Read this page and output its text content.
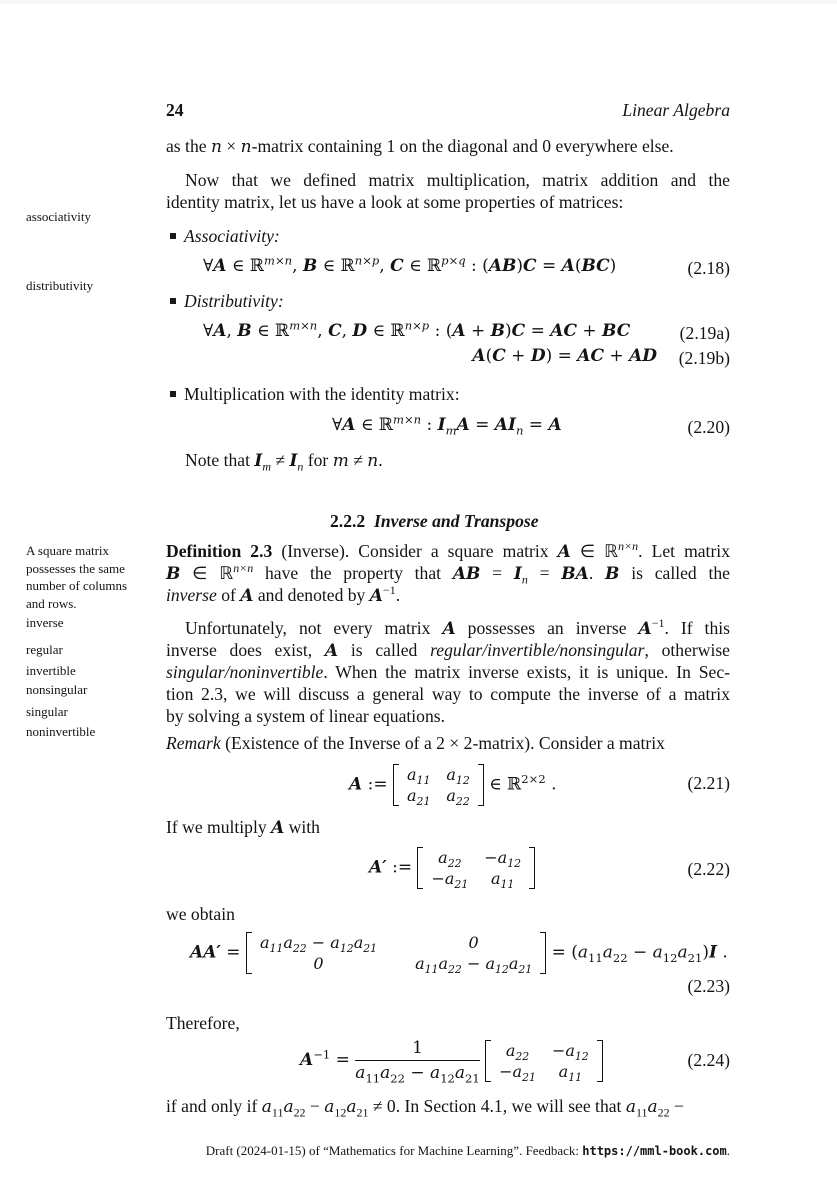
24	Linear Algebra
as the n × n-matrix containing 1 on the diagonal and 0 everywhere else.
Now that we defined matrix multiplication, matrix addition and the
identity matrix, let us have a look at some properties of matrices:
associativity
distributivity
Associativity:
∀A ∈ ℝ$^{m\times n}$, B ∈ ℝ$^{n\times p}$, C ∈ ℝ$^{p\times q}$ : (AB)C = A(BC)	(2.18)
Distributivity:
∀A, B ∈ ℝ$^{m\times n}$, C, D ∈ ℝ$^{n\times p}$ : (A + B)C = AC + BC	(2.19a)
A(C + D) = AC + AD (2.19b)
Multiplication with the identity matrix:
∀A ∈ ℝ$^{m\times n}$ : $I_mA = AI_n = A$	(2.20)
Note that $I_m \ne I_n$ for m ≠ n.
2.2.2 Inverse and Transpose
A square matrix
possesses the same
number of columns
and rows.
inverse
regular
invertible
nonsingular
singular
noninvertible
Definition 2.3 (Inverse). Consider a square matrix A ∈ ℝ$^{n\times n}$. Let matrix
B ∈ ℝ$^{n\times n}$ have the property that AB = $I_n$ = BA. B is called the
inverse of A and denoted by $A^{-1}$.
Unfortunately, not every matrix A possesses an inverse $A^{-1}$. If this
inverse does exist, A is called regular/invertible/nonsingular, otherwise
singular/noninvertible. When the matrix inverse exists, it is unique. In Sec-
tion 2.3, we will discuss a general way to compute the inverse of a matrix
by solving a system of linear equations.
Remark (Existence of the Inverse of a 2 × 2-matrix). Consider a matrix
A := $a_{11}$	$a_{12}$
$a_{21}$	$a_{22}$
∈ ℝ$^{2\times 2}$ .	(2.21)
If we multiply A with
A′ := $a_{22}$	$-a_{12}$
$-a_{21}$	$a_{11}$
(2.22)
we obtain
$AA' = a_{11}a_{22} - a_{12}a_{21}$	0
0	$a_{11}a_{22} - a_{12}a_{21}$
= $(a_{11}a_{22} - a_{12}a_{21})I$ .
(2.23)
Therefore,
$A^{-1} = \frac{1}{a_{11}a_{22} - a_{12}a_{21}}$
$a_{22}$	$-a_{12}$
$-a_{21}$	$a_{11}$
(2.24)
if and only if $a_{11}a_{22} - a_{12}a_{21} \ne 0$. In Section 4.1, we will see that $a_{11}a_{22}$ −
Draft (2024-01-15) of “Mathematics for Machine Learning”. Feedback: https://mml-book.com.
